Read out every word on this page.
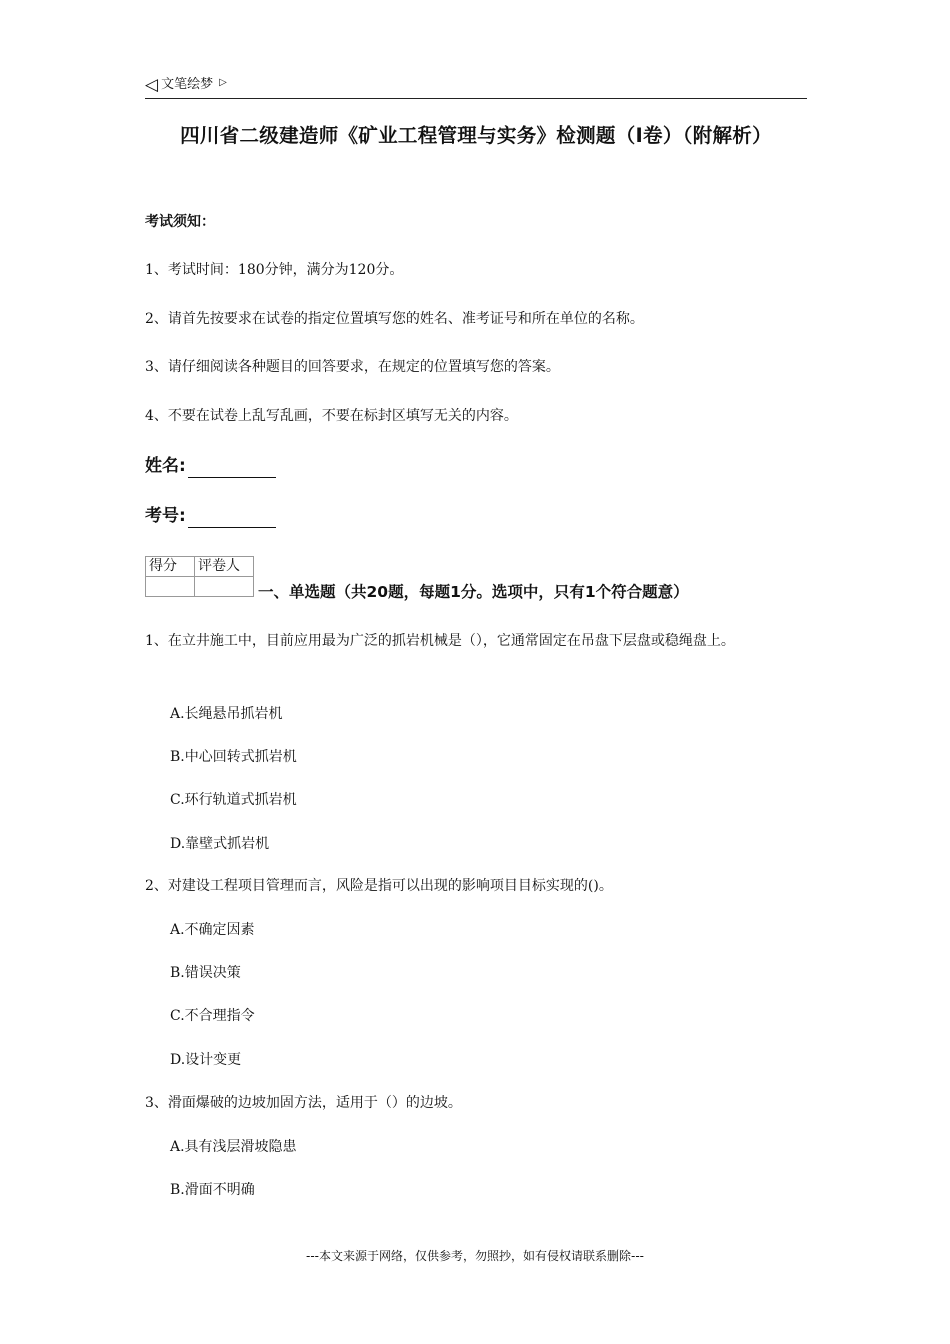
◁ 文笔绘梦 ▷
四川省二级建造师《矿业工程管理与实务》检测题（I卷）（附解析）
考试须知：
1、考试时间：180分钟，满分为120分。
2、请首先按要求在试卷的指定位置填写您的姓名、准考证号和所在单位的名称。
3、请仔细阅读各种题目的回答要求，在规定的位置填写您的答案。
4、不要在试卷上乱写乱画，不要在标封区填写无关的内容。
姓名:
考号:
得分	评卷人

一、单选题（共20题，每题1分。选项中，只有1个符合题意）
1、在立井施工中，目前应用最为广泛的抓岩机械是（），它通常固定在吊盘下层盘或稳绳盘上。
A.长绳悬吊抓岩机
B.中心回转式抓岩机
C.环行轨道式抓岩机
D.靠壁式抓岩机
2、对建设工程项目管理而言，风险是指可以出现的影响项目目标实现的()。
A.不确定因素
B.错误决策
C.不合理指令
D.设计变更
3、滑面爆破的边坡加固方法，适用于（）的边坡。
A.具有浅层滑坡隐患
B.滑面不明确
---本文来源于网络，仅供参考，勿照抄，如有侵权请联系删除---
